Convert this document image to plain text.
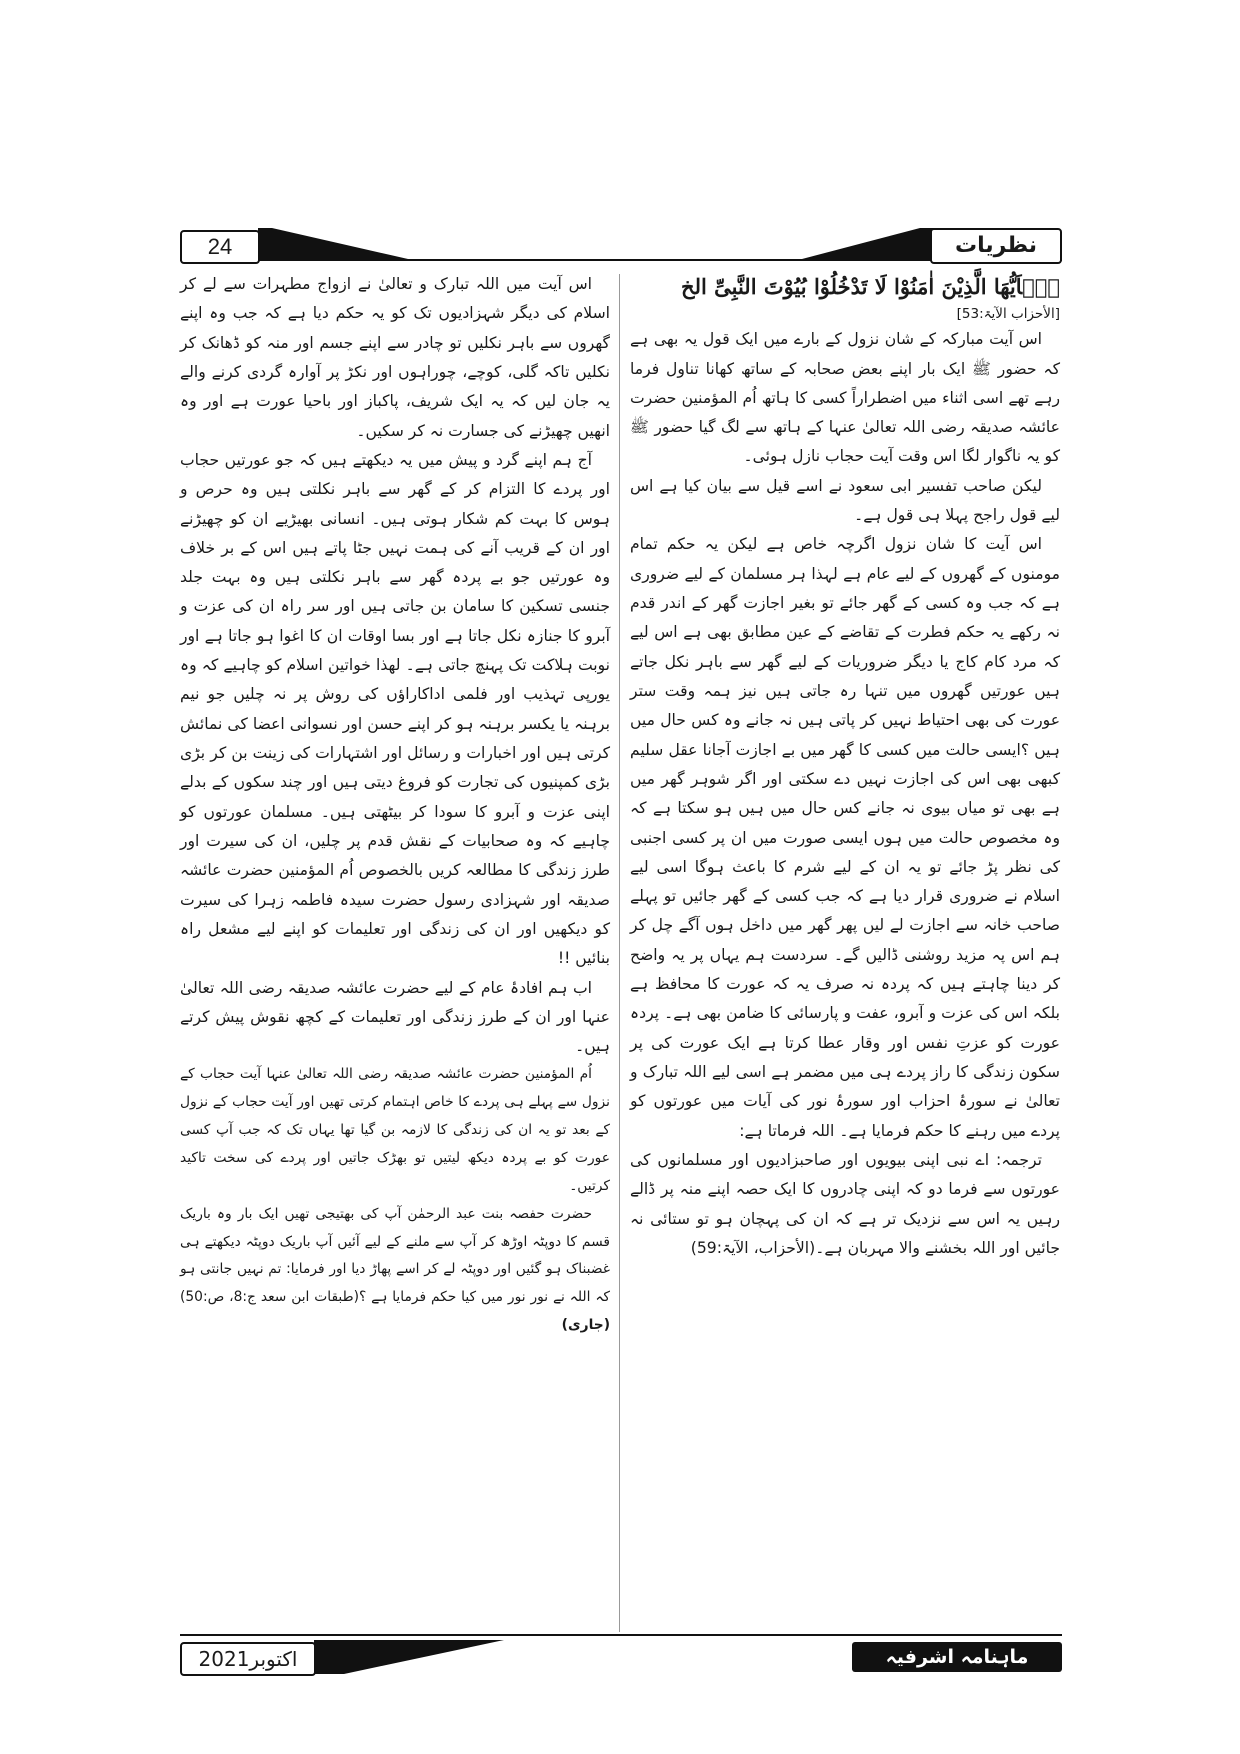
24	نظریات
یٰۤاَیُّهَا الَّذِیْنَ اٰمَنُوْا لَا تَدْخُلُوْا بُیُوْتَ النَّبِیِّ الخ
[الأحزاب الآیۃ:53]

اس آیت مبارکہ کے شان نزول کے بارے میں ایک قول یہ بھی ہے کہ حضور ﷺ ایک بار اپنے بعض صحابہ کے ساتھ کھانا تناول فرما رہے تھے اسی اثناء میں اضطراراً کسی کا ہاتھ اُم المؤمنین حضرت عائشہ صدیقہ رضی اللہ تعالیٰ عنہا کے ہاتھ سے لگ گیا حضور ﷺ کو یہ ناگوار لگا اس وقت آیت حجاب نازل ہوئی۔

لیکن صاحب تفسیر ابی سعود نے اسے قیل سے بیان کیا ہے اس لیے قول راجح پہلا ہی قول ہے۔

اس آیت کا شان نزول اگرچہ خاص ہے لیکن یہ حکم تمام مومنوں کے گھروں کے لیے عام ہے لہذا ہر مسلمان کے لیے ضروری ہے کہ جب وہ کسی کے گھر جائے تو بغیر اجازت گھر کے اندر قدم نہ رکھے یہ حکم فطرت کے تقاضے کے عین مطابق بھی ہے اس لیے کہ مرد کام کاج یا دیگر ضروریات کے لیے گھر سے باہر نکل جاتے ہیں عورتیں گھروں میں تنہا رہ جاتی ہیں نیز ہمہ وقت ستر عورت کی بھی احتیاط نہیں کر پاتی ہیں نہ جانے وہ کس حال میں ہیں ؟ایسی حالت میں کسی کا گھر میں بے اجازت آجانا عقل سلیم کبھی بھی اس کی اجازت نہیں دے سکتی اور اگر شوہر گھر میں ہے بھی تو میاں بیوی نہ جانے کس حال میں ہیں ہو سکتا ہے کہ وہ مخصوص حالت میں ہوں ایسی صورت میں ان پر کسی اجنبی کی نظر پڑ جائے تو یہ ان کے لیے شرم کا باعث ہوگا اسی لیے اسلام نے ضروری قرار دیا ہے کہ جب کسی کے گھر جائیں تو پہلے صاحب خانہ سے اجازت لے لیں پھر گھر میں داخل ہوں آگے چل کر ہم اس پہ مزید روشنی ڈالیں گے۔ سردست ہم یہاں پر یہ واضح کر دینا چاہتے ہیں کہ پردہ نہ صرف یہ کہ عورت کا محافظ ہے بلکہ اس کی عزت و آبرو، عفت و پارسائی کا ضامن بھی ہے۔ پردہ عورت کو عزتِ نفس اور وقار عطا کرتا ہے ایک عورت کی پر سکون زندگی کا راز پردے ہی میں مضمر ہے اسی لیے اللہ تبارک و تعالیٰ نے سورۂ احزاب اور سورۂ نور کی آیات میں عورتوں کو پردے میں رہنے کا حکم فرمایا ہے۔ اللہ فرماتا ہے:

ترجمہ: اے نبی اپنی بیویوں اور صاحبزادیوں اور مسلمانوں کی عورتوں سے فرما دو کہ اپنی چادروں کا ایک حصہ اپنے منہ پر ڈالے رہیں یہ اس سے نزدیک تر ہے کہ ان کی پہچان ہو تو ستائی نہ جائیں اور اللہ بخشنے والا مہربان ہے۔(الأحزاب، الآیۃ:59)

اس آیت میں اللہ تبارک و تعالیٰ نے ازواج مطہرات سے لے کر اسلام کی دیگر شہزادیوں تک کو یہ حکم دیا ہے کہ جب وہ اپنے گھروں سے باہر نکلیں تو چادر سے اپنے جسم اور منہ کو ڈھانک کر نکلیں تاکہ گلی، کوچے، چوراہوں اور نکڑ پر آوارہ گردی کرنے والے یہ جان لیں کہ یہ ایک شریف، پاکباز اور باحیا عورت ہے اور وہ انھیں چھیڑنے کی جسارت نہ کر سکیں۔

آج ہم اپنے گرد و پیش میں یہ دیکھتے ہیں کہ جو عورتیں حجاب اور پردے کا التزام کر کے گھر سے باہر نکلتی ہیں وہ حرص و ہوس کا بہت کم شکار ہوتی ہیں۔ انسانی بھیڑیے ان کو چھیڑنے اور ان کے قریب آنے کی ہمت نہیں جٹا پاتے ہیں اس کے بر خلاف وہ عورتیں جو بے پردہ گھر سے باہر نکلتی ہیں وہ بہت جلد جنسی تسکین کا سامان بن جاتی ہیں اور سر راہ ان کی عزت و آبرو کا جنازہ نکل جاتا ہے اور بسا اوقات ان کا اغوا ہو جاتا ہے اور نوبت ہلاکت تک پہنچ جاتی ہے۔ لھذا خواتین اسلام کو چاہیے کہ وہ یورپی تہذیب اور فلمی اداکاراؤں کی روش پر نہ چلیں جو نیم برہنہ یا یکسر برہنہ ہو کر اپنے حسن اور نسوانی اعضا کی نمائش کرتی ہیں اور اخبارات و رسائل اور اشتہارات کی زینت بن کر بڑی بڑی کمپنیوں کی تجارت کو فروغ دیتی ہیں اور چند سکوں کے بدلے اپنی عزت و آبرو کا سودا کر بیٹھتی ہیں۔ مسلمان عورتوں کو چاہیے کہ وہ صحابیات کے نقش قدم پر چلیں، ان کی سیرت اور طرز زندگی کا مطالعہ کریں بالخصوص اُم المؤمنین حضرت عائشہ صدیقہ اور شہزادی رسول حضرت سیدہ فاطمہ زہرا کی سیرت کو دیکھیں اور ان کی زندگی اور تعلیمات کو اپنے لیے مشعل راہ بنائیں !!

اب ہم افادۂ عام کے لیے حضرت عائشہ صدیقہ رضی اللہ تعالیٰ عنہا اور ان کے طرز زندگی اور تعلیمات کے کچھ نقوش پیش کرتے ہیں۔

اُم المؤمنین حضرت عائشہ صدیقہ رضی اللہ تعالیٰ عنہا آیت حجاب کے نزول سے پہلے ہی پردے کا خاص اہتمام کرتی تھیں اور آیت حجاب کے نزول کے بعد تو یہ ان کی زندگی کا لازمہ بن گیا تھا یہاں تک کہ جب آپ کسی عورت کو بے پردہ دیکھ لیتیں تو بھڑک جاتیں اور پردے کی سخت تاکید کرتیں۔

حضرت حفصہ بنت عبد الرحمٰن آپ کی بھتیجی تھیں ایک بار وہ باریک قسم کا دوپٹہ اوڑھ کر آپ سے ملنے کے لیے آئیں آپ باریک دوپٹہ دیکھتے ہی غضبناک ہو گئیں اور دوپٹہ لے کر اسے پھاڑ دیا اور فرمایا: تم نہیں جانتی ہو کہ اللہ نے نور نور میں کیا حکم فرمایا ہے ؟(طبقات ابن سعد ج:8، ص:50) (جاری)

اکتوبر2021	ماہنامہ اشرفیہ
